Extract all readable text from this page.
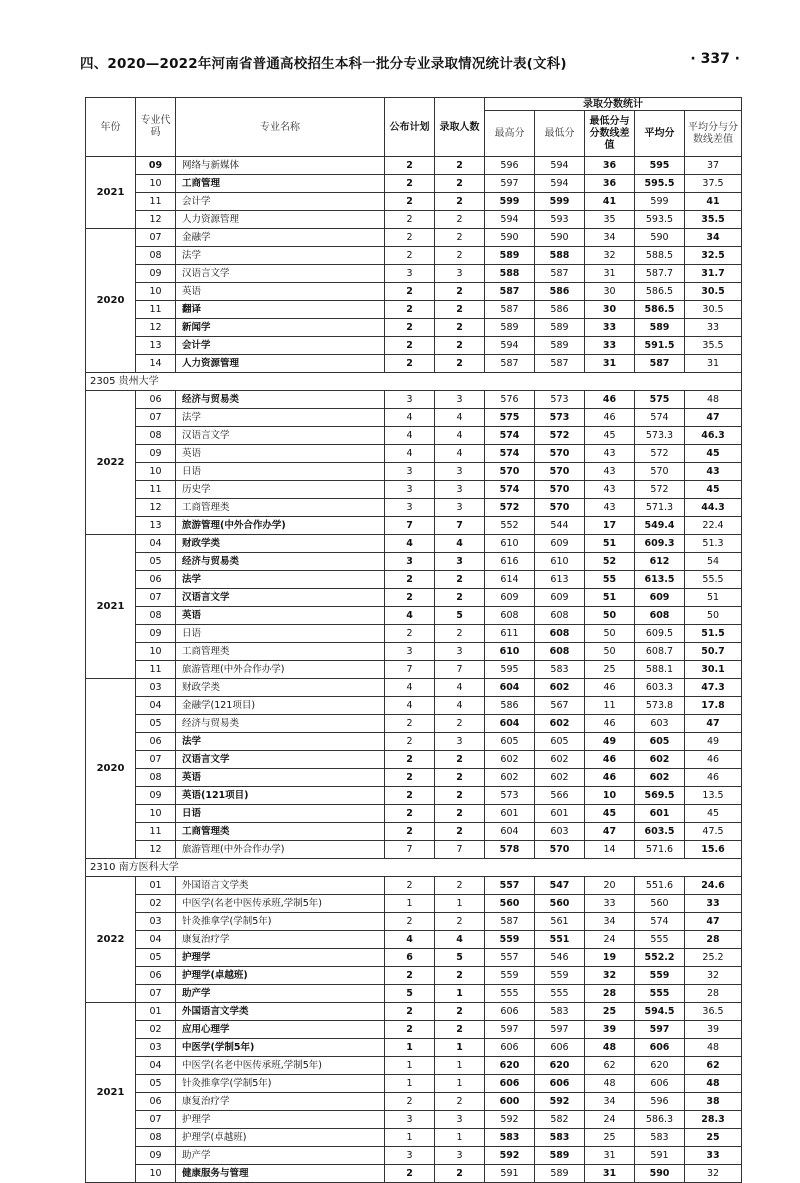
四、2020—2022年河南省普通高校招生本科一批分专业录取情况统计表(文科)	· 337 ·
年份	专业代码	专业名称	公布计划	录取人数	录取分数统计				
					最高分	最低分	最低分与分数线差值	平均分	平均分与分数线差值
2021	09	网络与新媒体	2	2	596	594	36	595	37
	10	工商管理	2	2	597	594	36	595.5	37.5
	11	会计学	2	2	599	599	41	599	41
	12	人力资源管理	2	2	594	593	35	593.5	35.5
2020	07	金融学	2	2	590	590	34	590	34
	08	法学	2	2	589	588	32	588.5	32.5
	09	汉语言文学	3	3	588	587	31	587.7	31.7
	10	英语	2	2	587	586	30	586.5	30.5
	11	翻译	2	2	587	586	30	586.5	30.5
	12	新闻学	2	2	589	589	33	589	33
	13	会计学	2	2	594	589	33	591.5	35.5
	14	人力资源管理	2	2	587	587	31	587	31
2305 贵州大学									
2022	06	经济与贸易类	3	3	576	573	46	575	48
	07	法学	4	4	575	573	46	574	47
	08	汉语言文学	4	4	574	572	45	573.3	46.3
	09	英语	4	4	574	570	43	572	45
	10	日语	3	3	570	570	43	570	43
	11	历史学	3	3	574	570	43	572	45
	12	工商管理类	3	3	572	570	43	571.3	44.3
	13	旅游管理(中外合作办学)	7	7	552	544	17	549.4	22.4
2021	04	财政学类	4	4	610	609	51	609.3	51.3
	05	经济与贸易类	3	3	616	610	52	612	54
	06	法学	2	2	614	613	55	613.5	55.5
	07	汉语言文学	2	2	609	609	51	609	51
	08	英语	4	5	608	608	50	608	50
	09	日语	2	2	611	608	50	609.5	51.5
	10	工商管理类	3	3	610	608	50	608.7	50.7
	11	旅游管理(中外合作办学)	7	7	595	583	25	588.1	30.1
2020	03	财政学类	4	4	604	602	46	603.3	47.3
	04	金融学(121项目)	4	4	586	567	11	573.8	17.8
	05	经济与贸易类	2	2	604	602	46	603	47
	06	法学	2	3	605	605	49	605	49
	07	汉语言文学	2	2	602	602	46	602	46
	08	英语	2	2	602	602	46	602	46
	09	英语(121项目)	2	2	573	566	10	569.5	13.5
	10	日语	2	2	601	601	45	601	45
	11	工商管理类	2	2	604	603	47	603.5	47.5
	12	旅游管理(中外合作办学)	7	7	578	570	14	571.6	15.6
2310 南方医科大学									
2022	01	外国语言文学类	2	2	557	547	20	551.6	24.6
	02	中医学(名老中医传承班,学制5年)	1	1	560	560	33	560	33
	03	针灸推拿学(学制5年)	2	2	587	561	34	574	47
	04	康复治疗学	4	4	559	551	24	555	28
	05	护理学	6	5	557	546	19	552.2	25.2
	06	护理学(卓越班)	2	2	559	559	32	559	32
	07	助产学	5	1	555	555	28	555	28
2021	01	外国语言文学类	2	2	606	583	25	594.5	36.5
	02	应用心理学	2	2	597	597	39	597	39
	03	中医学(学制5年)	1	1	606	606	48	606	48
	04	中医学(名老中医传承班,学制5年)	1	1	620	620	62	620	62
	05	针灸推拿学(学制5年)	1	1	606	606	48	606	48
	06	康复治疗学	2	2	600	592	34	596	38
	07	护理学	3	3	592	582	24	586.3	28.3
	08	护理学(卓越班)	1	1	583	583	25	583	25
	09	助产学	3	3	592	589	31	591	33
	10	健康服务与管理	2	2	591	589	31	590	32
